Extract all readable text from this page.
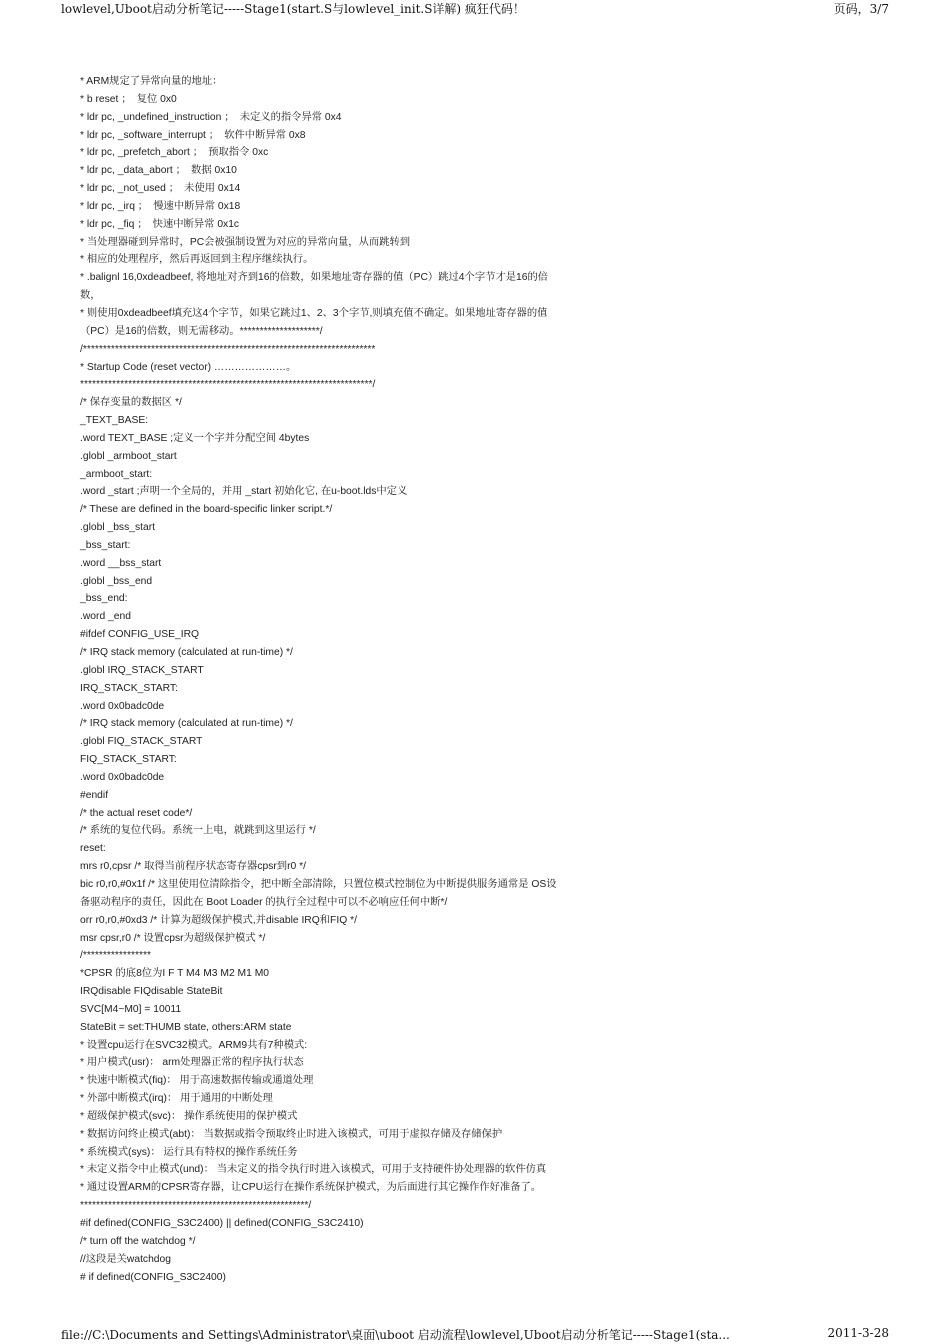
lowlevel,Uboot启动分析笔记-----Stage1(start.S与lowlevel_init.S详解) 疯狂代码！	页码，3/7
* ARM规定了异常向量的地址：
* b reset ；　复位 0x0
* ldr pc, _undefined_instruction ；　未定义的指令异常 0x4
* ldr pc, _software_interrupt ；　软件中断异常 0x8
* ldr pc, _prefetch_abort ；　预取指令 0xc
* ldr pc, _data_abort ；　数据 0x10
* ldr pc, _not_used ；　未使用 0x14
* ldr pc, _irq ；　慢速中断异常 0x18
* ldr pc, _fiq ；　快速中断异常 0x1c
* 当处理器碰到异常时，PC会被强制设置为对应的异常向量，从而跳转到
* 相应的处理程序，然后再返回到主程序继续执行。
* .balignl 16,0xdeadbeef, 将地址对齐到16的倍数，如果地址寄存器的值（PC）跳过4个字节才是16的倍
数，
* 则使用0xdeadbeef填充这4个字节，如果它跳过1、2、3个字节,则填充值不确定。如果地址寄存器的值
（PC）是16的倍数，则无需移动。********************/
/*************************************************************************
* Startup Code (reset vector) …………………。
*************************************************************************/
/* 保存变量的数据区 */
_TEXT_BASE:
.word TEXT_BASE ;定义一个字并分配空间 4bytes
.globl _armboot_start
_armboot_start:
.word _start ;声明一个全局的，并用 _start 初始化它, 在u-boot.lds中定义
/* These are defined in the board-specific linker script.*/
.globl _bss_start
_bss_start:
.word __bss_start
.globl _bss_end
_bss_end:
.word _end
#ifdef CONFIG_USE_IRQ
/* IRQ stack memory (calculated at run-time) */
.globl IRQ_STACK_START
IRQ_STACK_START:
.word 0x0badc0de
/* IRQ stack memory (calculated at run-time) */
.globl FIQ_STACK_START
FIQ_STACK_START:
.word 0x0badc0de
#endif
/* the actual reset code*/
/* 系统的复位代码。系统一上电，就跳到这里运行 */
reset:
mrs r0,cpsr /* 取得当前程序状态寄存器cpsr到r0 */
bic r0,r0,#0x1f /* 这里使用位清除指令，把中断全部清除，只置位模式控制位为中断提供服务通常是 OS设
备驱动程序的责任，因此在 Boot Loader 的执行全过程中可以不必响应任何中断*/
orr r0,r0,#0xd3 /* 计算为超级保护模式,并disable IRQ和FIQ */
msr cpsr,r0 /* 设置cpsr为超级保护模式 */
/*****************
*CPSR 的底8位为I F T M4 M3 M2 M1 M0
IRQdisable FIQdisable StateBit
SVC[M4~M0] = 10011
StateBit = set:THUMB state, others:ARM state
* 设置cpu运行在SVC32模式。ARM9共有7种模式:
* 用户模式(usr)： arm处理器正常的程序执行状态
* 快速中断模式(fiq)： 用于高速数据传输或通道处理
* 外部中断模式(irq)： 用于通用的中断处理
* 超级保护模式(svc)： 操作系统使用的保护模式
* 数据访问终止模式(abt)： 当数据或指令预取终止时进入该模式，可用于虚拟存储及存储保护
* 系统模式(sys)： 运行具有特权的操作系统任务
* 未定义指令中止模式(und)： 当未定义的指令执行时进入该模式，可用于支持硬件协处理器的软件仿真
* 通过设置ARM的CPSR寄存器，让CPU运行在操作系统保护模式，为后面进行其它操作作好准备了。
*********************************************************/
#if defined(CONFIG_S3C2400) || defined(CONFIG_S3C2410)
/* turn off the watchdog */
//这段是关watchdog
# if defined(CONFIG_S3C2400)
file://C:\Documents and Settings\Administrator\桌面\uboot 启动流程\lowlevel,Uboot启动分析笔记-----Stage1(sta...	2011-3-28
